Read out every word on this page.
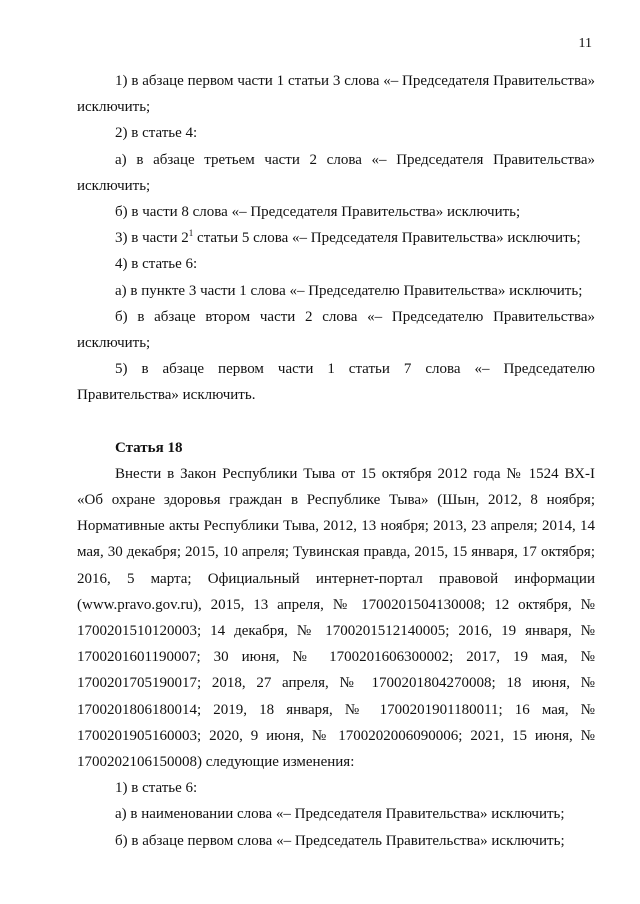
11

1) в абзаце первом части 1 статьи 3 слова «– Председателя Правительства» исключить;

2) в статье 4:

а) в абзаце третьем части 2 слова «– Председателя Правительства» исключить;

б) в части 8 слова «– Председателя Правительства» исключить;

3) в части $2^1$ статьи 5 слова «– Председателя Правительства» исключить;

4) в статье 6:

а) в пункте 3 части 1 слова «– Председателю Правительства» исключить;

б) в абзаце втором части 2 слова «– Председателю Правительства» исключить;

5) в абзаце первом части 1 статьи 7 слова «– Председателю Правительства» исключить.

Статья 18

Внести в Закон Республики Тыва от 15 октября 2012 года № 1524 ВХ-I «Об охране здоровья граждан в Республике Тыва» (Шын, 2012, 8 ноября; Нормативные акты Республики Тыва, 2012, 13 ноября; 2013, 23 апреля; 2014, 14 мая, 30 декабря; 2015, 10 апреля; Тувинская правда, 2015, 15 января, 17 октября; 2016, 5 марта; Официальный интернет-портал правовой информации (www.pravo.gov.ru), 2015, 13 апреля, № 1700201504130008; 12 октября, № 1700201510120003; 14 декабря, № 1700201512140005; 2016, 19 января, № 1700201601190007; 30 июня, № 1700201606300002; 2017, 19 мая, № 1700201705190017; 2018, 27 апреля, № 1700201804270008; 18 июня, № 1700201806180014; 2019, 18 января, № 1700201901180011; 16 мая, № 1700201905160003; 2020, 9 июня, № 1700202006090006; 2021, 15 июня, № 1700202106150008) следующие изменения:

1) в статье 6:

а) в наименовании слова «– Председателя Правительства» исключить;

б) в абзаце первом слова «– Председатель Правительства» исключить;
